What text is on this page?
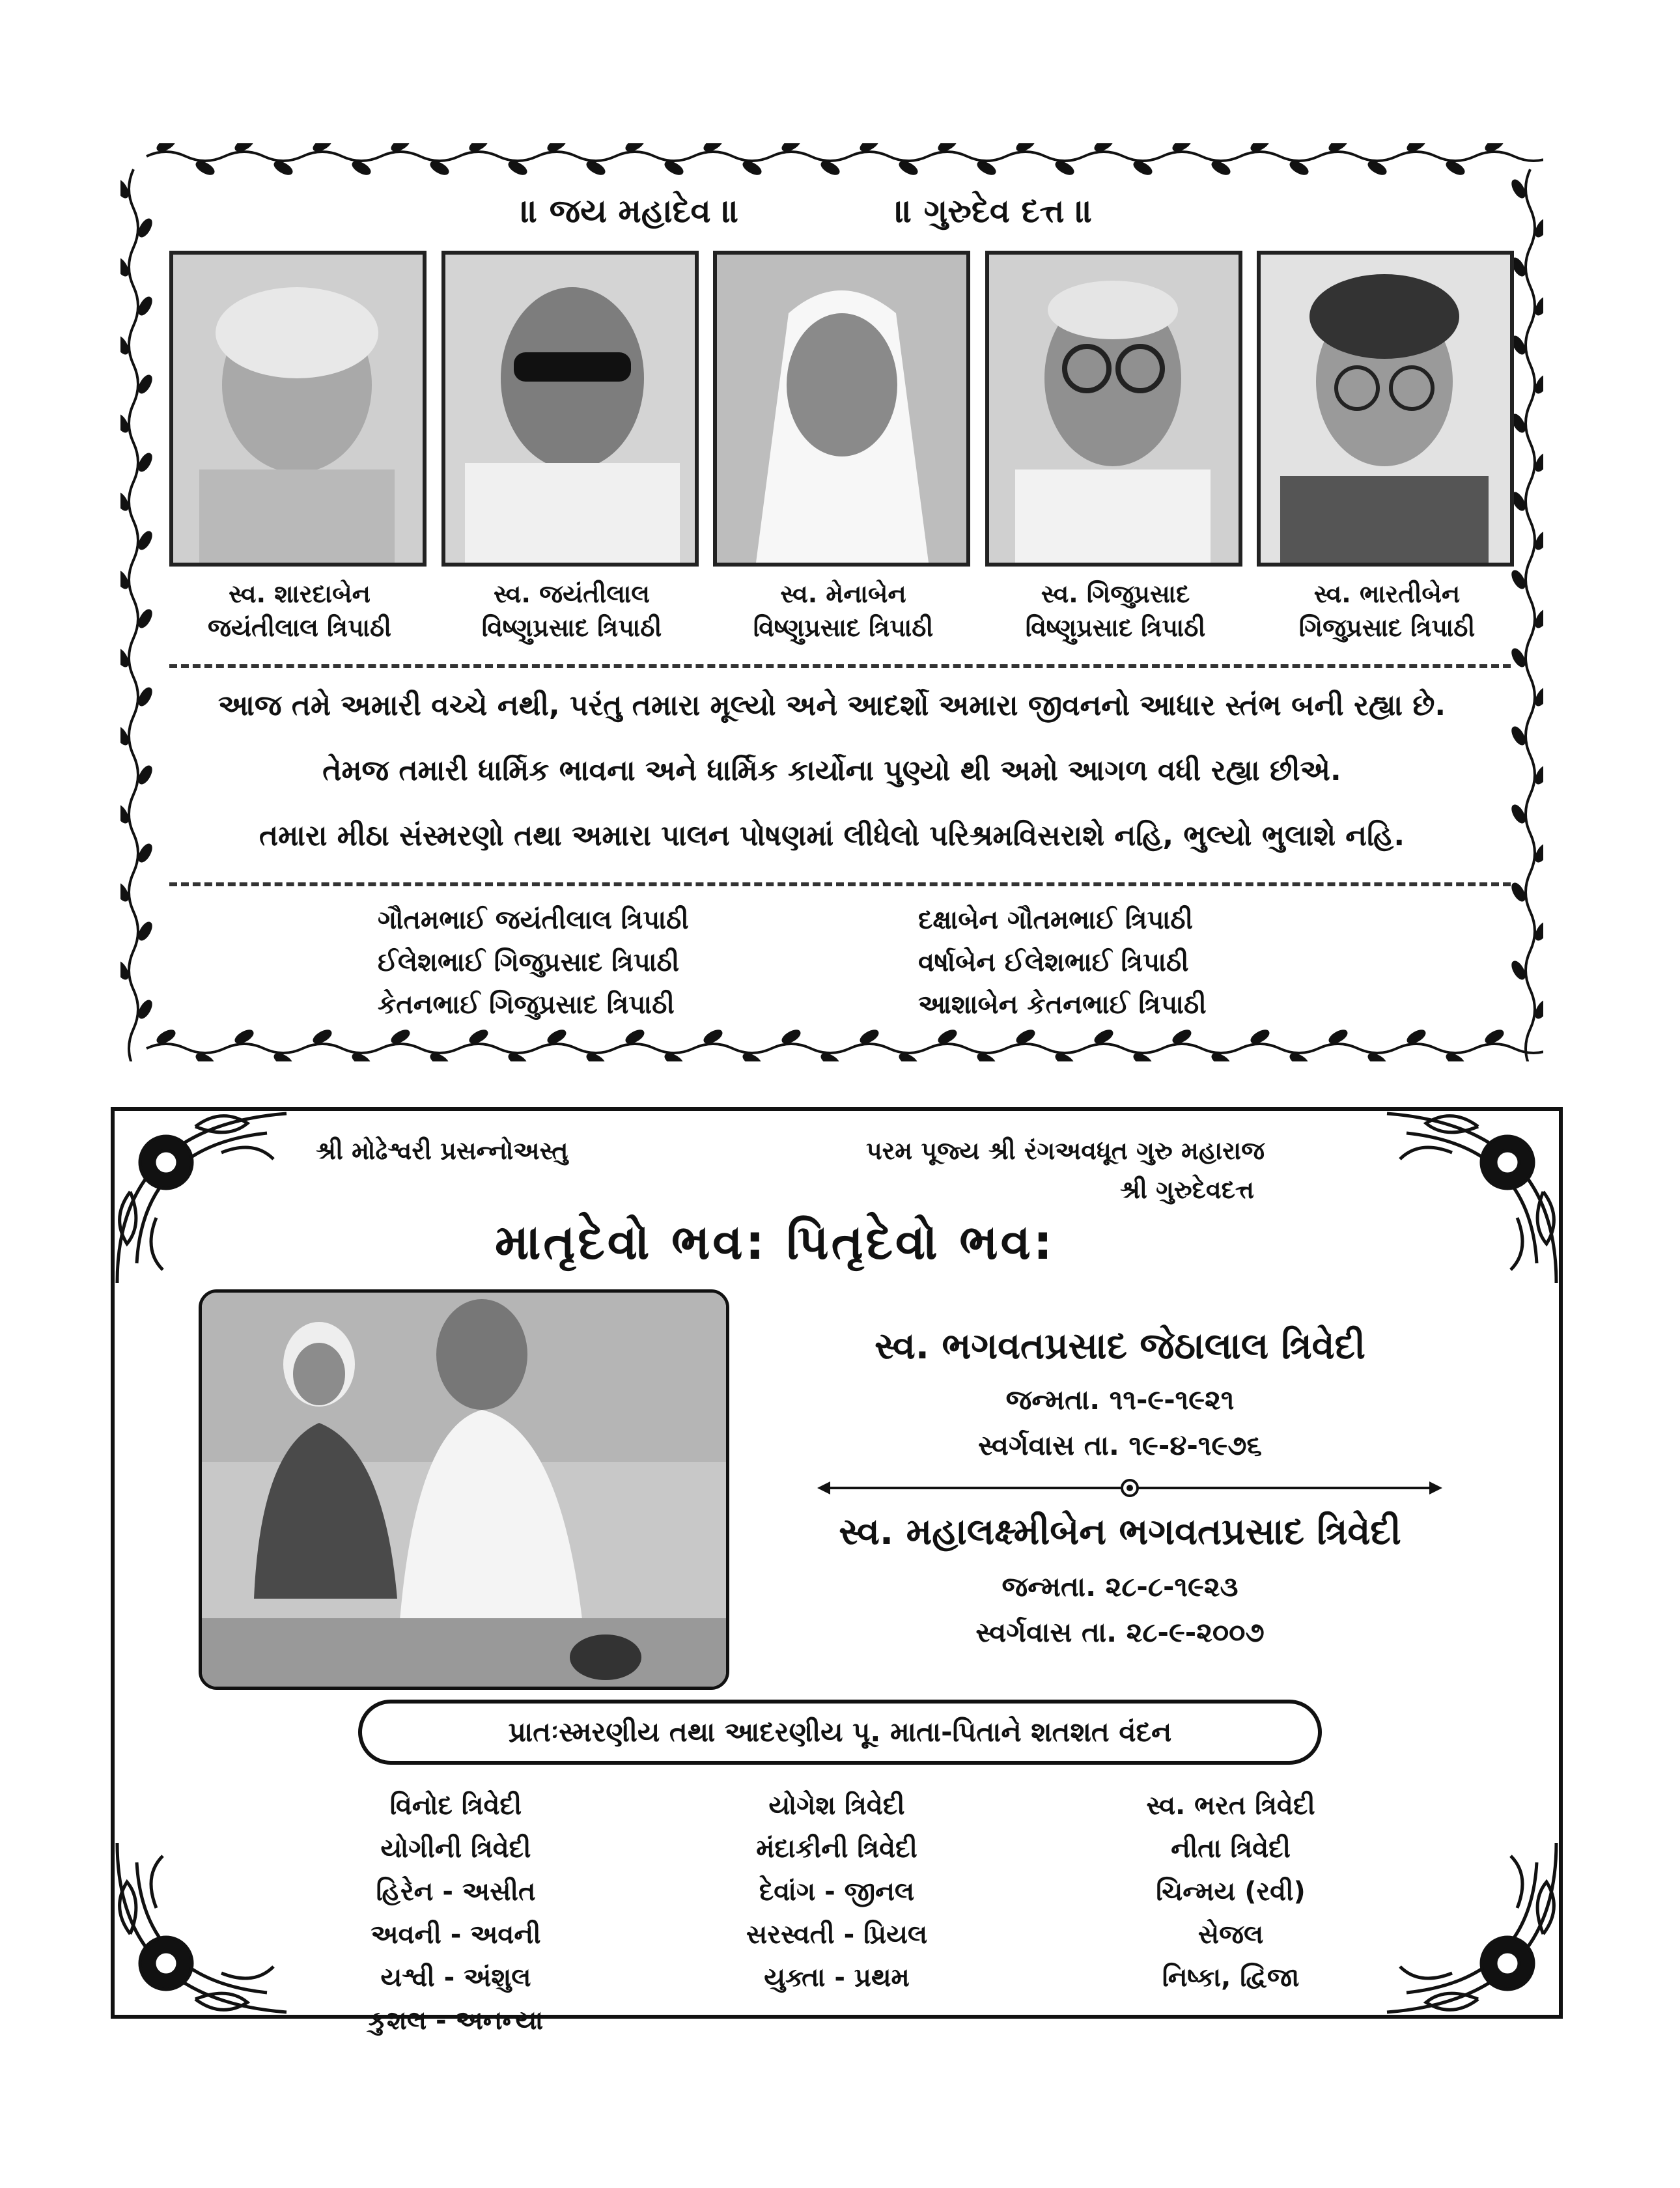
॥ જય મહાદેવ ॥	॥ ગુરુદેવ દત્ત ॥
સ્વ. શારદાબેન
જયંતીલાલ ત્રિપાઠી
સ્વ. જયંતીલાલ
વિષ્ણુપ્રસાદ ત્રિપાઠી
સ્વ. મેનાબેન
વિષ્ણુપ્રસાદ ત્રિપાઠી
સ્વ. ગિજુપ્રસાદ
વિષ્ણુપ્રસાદ ત્રિપાઠી
સ્વ. ભારતીબેન
ગિજુપ્રસાદ ત્રિપાઠી
આજ તમે અમારી વચ્ચે નથી, પરંતુ તમારા મૂલ્યો અને આદર્શો અમારા જીવનનો આધાર સ્તંભ બની રહ્યા છે.
તેમજ તમારી ધાર્મિક ભાવના અને ધાર્મિક કાર્યોના પુણ્યો થી અમો આગળ વધી રહ્યા છીએ.
તમારા મીઠા સંસ્મરણો તથા અમારા પાલન પોષણમાં લીધેલો પરિશ્રમવિસરાશે નહિ, ભુલ્યો ભુલાશે નહિ.
ગૌતમભાઈ જયંતીલાલ ત્રિપાઠી
ઈલેશભાઈ ગિજુપ્રસાદ ત્રિપાઠી
કેતનભાઈ ગિજુપ્રસાદ ત્રિપાઠી
દક્ષાબેન ગૌતમભાઈ ત્રિપાઠી
વર્ષાબેન ઈલેશભાઈ ત્રિપાઠી
આશાબેન કેતનભાઈ ત્રિપાઠી
શ્રી મોઢેશ્વરી પ્રસન્નોઅસ્તુ	પરમ પૂજ્ય શ્રી રંગઅવધૂત ગુરુ મહારાજ
શ્રી ગુરુદેવદત્ત
માતૃદેવો ભવ: પિતૃદેવો ભવ:
સ્વ. ભગવતપ્રસાદ જેઠાલાલ ત્રિવેદી
જન્મતા. ૧૧-૯-૧૯૨૧
સ્વર્ગવાસ તા. ૧૯-૪-૧૯૭૬
સ્વ. મહાલક્ષ્મીબેન ભગવતપ્રસાદ ત્રિવેદી
જન્મતા. ૨૮-૮-૧૯૨૩
સ્વર્ગવાસ તા. ૨૮-૯-૨૦૦૭
પ્રાતઃસ્મરણીય તથા આદરણીય પૂ. માતા-પિતાને શતશત વંદન
વિનોદ ત્રિવેદી
યોગીની ત્રિવેદી
હિરેન - અસીત
અવની - અવની
યશ્વી - અંશુલ
કુશલ - અનન્યા
યોગેશ ત્રિવેદી
મંદાકીની ત્રિવેદી
દેવાંગ - જીનલ
સરસ્વતી - પ્રિયલ
યુક્તા - પ્રથમ
સ્વ. ભરત ત્રિવેદી
નીતા ત્રિવેદી
ચિન્મય (રવી)
સેજલ
નિષ્કા, દ્વિજા
